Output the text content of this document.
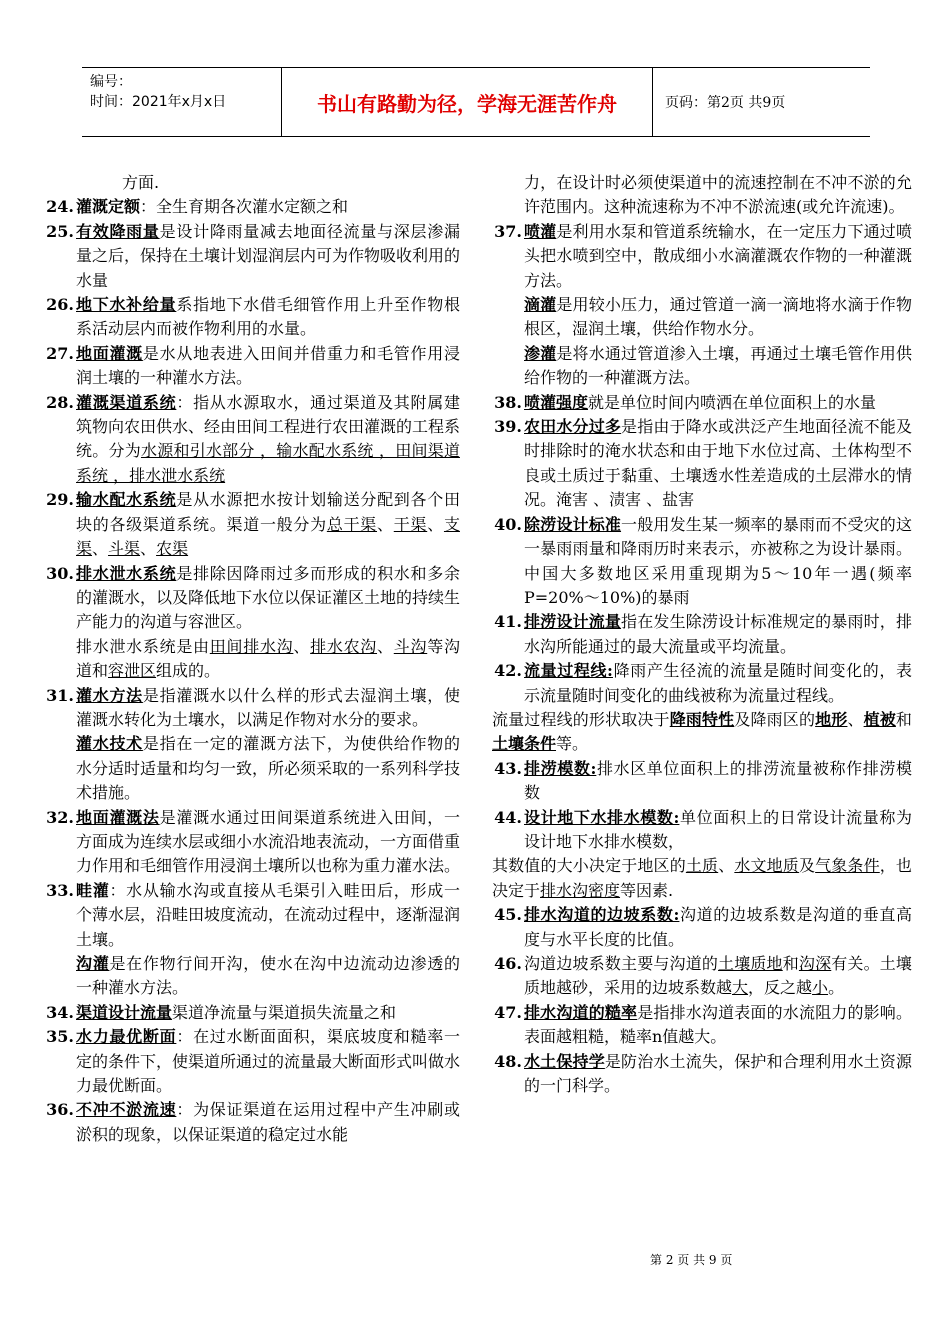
编号：
时间：2021年x月x日	书山有路勤为径，学海无涯苦作舟	页码：第2页 共9页
方面.
24. 灌溉定额：全生育期各次灌水定额之和
25. 有效降雨量是设计降雨量减去地面径流量与深层渗漏量之后，保持在土壤计划湿润层内可为作物吸收利用的水量
26. 地下水补给量系指地下水借毛细管作用上升至作物根系活动层内而被作物利用的水量。
27. 地面灌溉是水从地表进入田间并借重力和毛管作用浸润土壤的一种灌水方法。
28. 灌溉渠道系统：指从水源取水，通过渠道及其附属建筑物向农田供水、经由田间工程进行农田灌溉的工程系统。分为水源和引水部分 ，输水配水系统 ，田间渠道系统 ，排水泄水系统
29. 输水配水系统是从水源把水按计划输送分配到各个田块的各级渠道系统。渠道一般分为总干渠、干渠、支渠、斗渠、农渠
30. 排水泄水系统是排除因降雨过多而形成的积水和多余的灌溉水，以及降低地下水位以保证灌区土地的持续生产能力的沟道与容泄区。
排水泄水系统是由田间排水沟、排水农沟、斗沟等沟道和容泄区组成的。
31. 灌水方法是指灌溉水以什么样的形式去湿润土壤，使灌溉水转化为土壤水，以满足作物对水分的要求。
灌水技术是指在一定的灌溉方法下，为使供给作物的水分适时适量和均匀一致，所必须采取的一系列科学技术措施。
32. 地面灌溉法是灌溉水通过田间渠道系统进入田间，一方面成为连续水层或细小水流沿地表流动，一方面借重力作用和毛细管作用浸润土壤所以也称为重力灌水法。
33. 畦灌：水从输水沟或直接从毛渠引入畦田后，形成一个薄水层，沿畦田坡度流动，在流动过程中，逐渐湿润土壤。
沟灌是在作物行间开沟，使水在沟中边流动边渗透的一种灌水方法。
34. 渠道设计流量渠道净流量与渠道损失流量之和
35. 水力最优断面：在过水断面面积，渠底坡度和糙率一定的条件下，使渠道所通过的流量最大断面形式叫做水力最优断面。
36. 不冲不淤流速：为保证渠道在运用过程中产生冲刷或淤积的现象，以保证渠道的稳定过水能
力，在设计时必须使渠道中的流速控制在不冲不淤的允许范围内。这种流速称为不冲不淤流速(或允许流速)。
37. 喷灌是利用水泵和管道系统输水，在一定压力下通过喷头把水喷到空中，散成细小水滴灌溉农作物的一种灌溉方法。
滴灌是用较小压力，通过管道一滴一滴地将水滴于作物根区，湿润土壤，供给作物水分。
渗灌是将水通过管道渗入土壤，再通过土壤毛管作用供给作物的一种灌溉方法。
38. 喷灌强度就是单位时间内喷洒在单位面积上的水量
39. 农田水分过多是指由于降水或洪泛产生地面径流不能及时排除时的淹水状态和由于地下水位过高、土体构型不良或土质过于黏重、土壤透水性差造成的土层滞水的情况。淹害 、渍害 、盐害
40. 除涝设计标准一般用发生某一频率的暴雨而不受灾的这一暴雨雨量和降雨历时来表示，亦被称之为设计暴雨。中国大多数地区采用重现期为5～10年一遇(频率P=20%～10%)的暴雨
41. 排涝设计流量指在发生除涝设计标准规定的暴雨时，排水沟所能通过的最大流量或平均流量。
42. 流量过程线:降雨产生径流的流量是随时间变化的，表示流量随时间变化的曲线被称为流量过程线。
流量过程线的形状取决于降雨特性及降雨区的地形、植被和土壤条件等。
43. 排涝模数:排水区单位面积上的排涝流量被称作排涝模数
44. 设计地下水排水模数:单位面积上的日常设计流量称为设计地下水排水模数，
其数值的大小决定于地区的土质、水文地质及气象条件，也决定于排水沟密度等因素.
45. 排水沟道的边坡系数:沟道的边坡系数是沟道的垂直高度与水平长度的比值。
46. 沟道边坡系数主要与沟道的土壤质地和沟深有关。土壤质地越砂，采用的边坡系数越大，反之越小。
47. 排水沟道的糙率是指排水沟道表面的水流阻力的影响。表面越粗糙，糙率n值越大。
48. 水土保持学是防治水土流失，保护和合理利用水土资源的一门科学。
第 2 页 共 9 页
